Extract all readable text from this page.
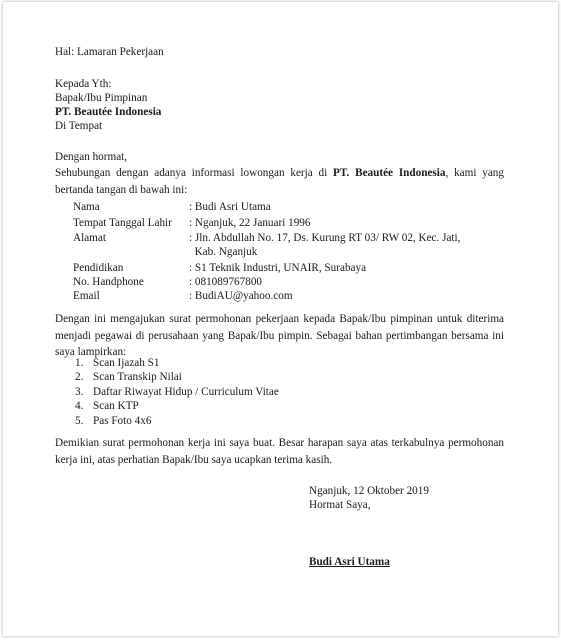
Hal: Lamaran Pekerjaan
Kepada Yth:
Bapak/Ibu Pimpinan
PT. Beautée Indonesia
Di Tempat
Dengan hormat,
Sehubungan dengan adanya informasi lowongan kerja di PT. Beautée Indonesia, kami yang bertanda tangan di bawah ini:
Nama	: Budi Asri Utama
Tempat Tanggal Lahir : Nganjuk, 22 Januari 1996
Alamat	: Jln. Abdullah No. 17, Ds. Kurung RT 03/ RW 02, Kec. Jati,
Kab. Nganjuk
Pendidikan	: S1 Teknik Industri, UNAIR, Surabaya
No. Handphone	: 081089767800
Email	: BudiAU@yahoo.com
Dengan ini mengajukan surat permohonan pekerjaan kepada Bapak/Ibu pimpinan untuk diterima menjadi pegawai di perusahaan yang Bapak/Ibu pimpin. Sebagai bahan pertimbangan bersama ini saya lampirkan:
1. Scan Ijazah S1
2. Scan Transkip Nilai
3. Daftar Riwayat Hidup / Curriculum Vitae
4. Scan KTP
5. Pas Foto 4x6
Demikian surat permohonan kerja ini saya buat. Besar harapan saya atas terkabulnya permohonan kerja ini, atas perhatian Bapak/Ibu saya ucapkan terima kasih.
Nganjuk, 12 Oktober 2019
Hormat Saya,
Budi Asri Utama
